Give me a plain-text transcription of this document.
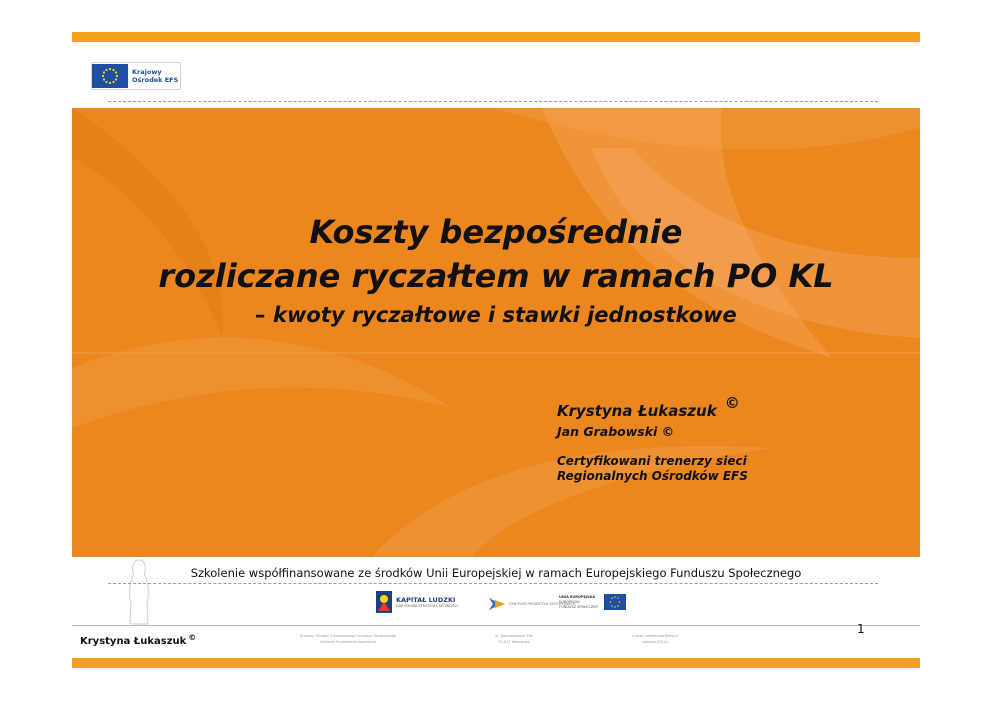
Krajowy
Ośrodek EFS
Koszty bezpośrednie
rozliczane ryczałtem w ramach PO KL
– kwoty ryczałtowe i stawki jednostkowe
Krystyna Łukaszuk ©
Jan Grabowski ©
Certyfikowani trenerzy sieci
Regionalnych Ośrodków EFS
Szkolenie współfinansowane ze środków Unii Europejskiej w ramach Europejskiego Funduszu Społecznego
KAPITAŁ LUDZKI
NARODOWA STRATEGIA SPÓJNOŚCI	CENTRUM PROJEKTÓW EUROPEJSKICH
UNIA EUROPEJSKA
EUROPEJSKI
FUNDUSZ SPOŁECZNY
Krystyna Łukaszuk ©	Krajowy Ośrodek Europejskiego Funduszu Społecznego
Centrum Projektów Europejskich
ul. Domaniewska 39a
02-672 Warszawa
e-mail: sekretariat@efs.pl
www.ko.EFS.pl
1
